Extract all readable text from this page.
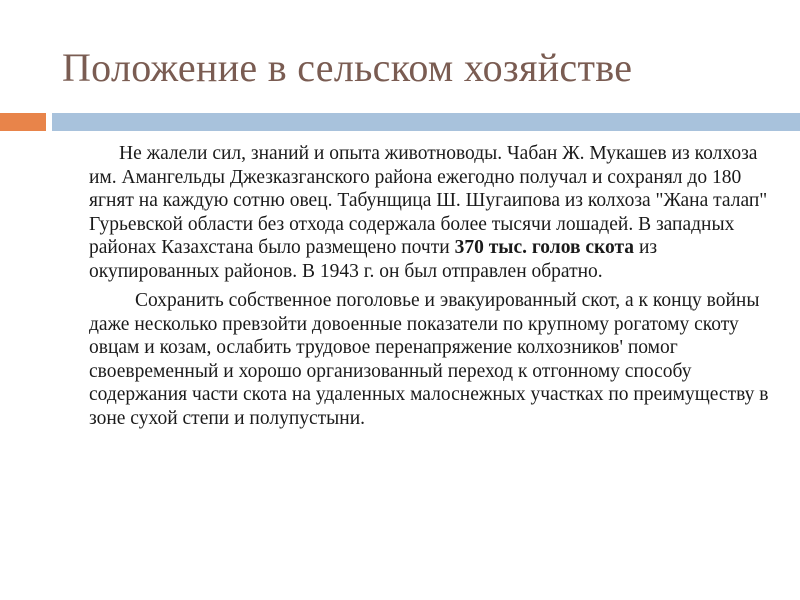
Положение в сельском хозяйстве

Не жалели сил, знаний и опыта животноводы. Чабан Ж. Мукашев из колхоза им. Амангельды Джезказганского района ежегодно получал и сохранял до 180 ягнят на каждую сотню овец. Табунщица Ш. Шугаипова из колхоза "Жана талап" Гурьевской области без отхода содержала более тысячи лошадей. В западных районах Казахстана было размещено почти 370 тыс. голов скота из окупированных районов. В 1943 г. он был отправлен обратно.

Сохранить собственное поголовье и эвакуированный скот, а к концу войны даже несколько превзойти довоенные показатели по крупному рогатому скоту овцам и козам, ослабить трудовое перенапряжение колхозников' помог своевременный и хорошо организованный переход к отгонному способу содержания части скота на удаленных малоснежных участках по преимуществу в зоне сухой степи и полупустыни.
